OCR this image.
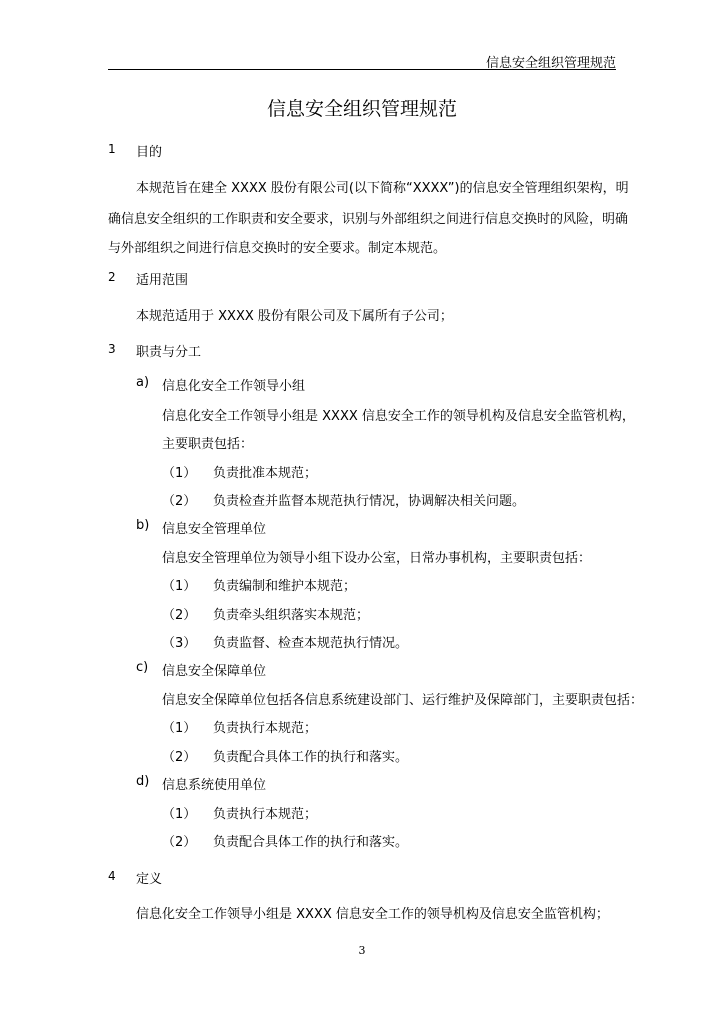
信息安全组织管理规范
信息安全组织管理规范
1 目的
本规范旨在建全 XXXX 股份有限公司(以下简称“XXXX”)的信息安全管理组织架构，明
确信息安全组织的工作职责和安全要求，识别与外部组织之间进行信息交换时的风险，明确
与外部组织之间进行信息交换时的安全要求。制定本规范。
2 适用范围
本规范适用于 XXXX 股份有限公司及下属所有子公司；
3 职责与分工
a) 信息化安全工作领导小组
信息化安全工作领导小组是 XXXX 信息安全工作的领导机构及信息安全监管机构，
主要职责包括：
（1） 负责批准本规范；
（2） 负责检查并监督本规范执行情况，协调解决相关问题。
b) 信息安全管理单位
信息安全管理单位为领导小组下设办公室，日常办事机构，主要职责包括：
（1） 负责编制和维护本规范；
（2） 负责牵头组织落实本规范；
（3） 负责监督、检查本规范执行情况。
c) 信息安全保障单位
信息安全保障单位包括各信息系统建设部门、运行维护及保障部门，主要职责包括：
（1） 负责执行本规范；
（2） 负责配合具体工作的执行和落实。
d) 信息系统使用单位
（1） 负责执行本规范；
（2） 负责配合具体工作的执行和落实。
4 定义
信息化安全工作领导小组是 XXXX 信息安全工作的领导机构及信息安全监管机构；
3
